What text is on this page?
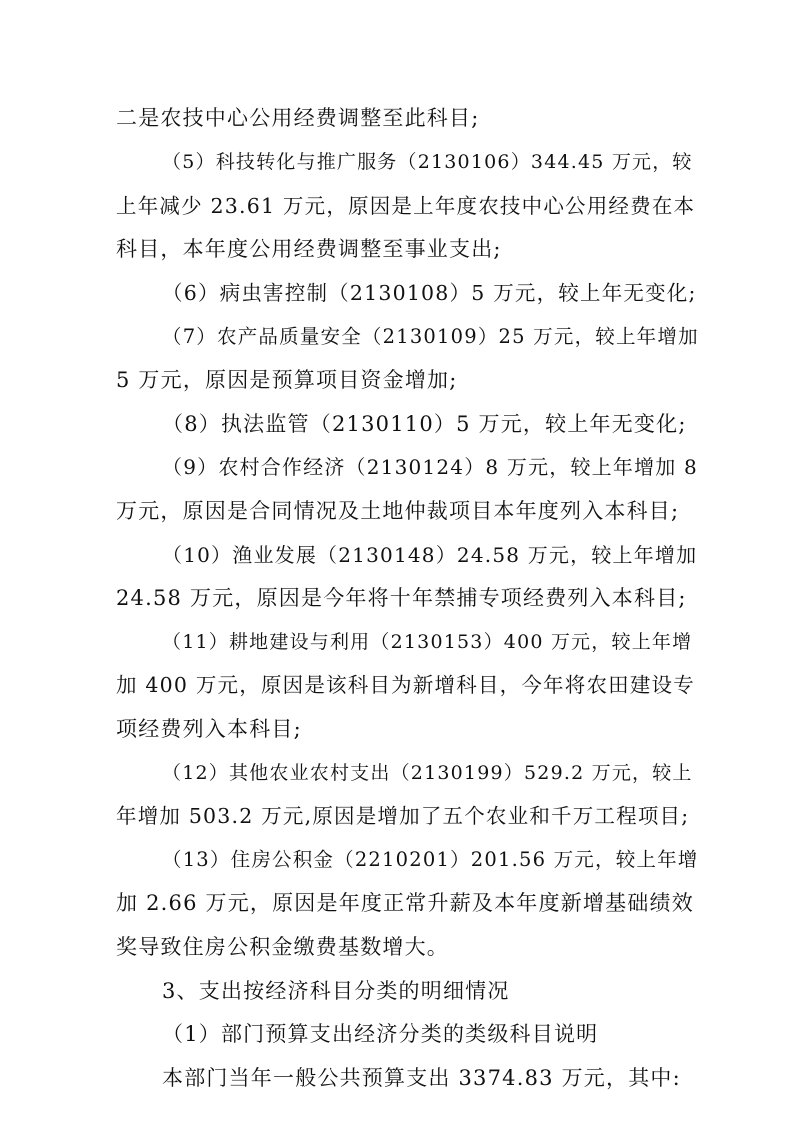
二是农技中心公用经费调整至此科目;

（5）科技转化与推广服务（2130106）344.45 万元，较

上年减少 23.61 万元，原因是上年度农技中心公用经费在本

科目，本年度公用经费调整至事业支出;

（6）病虫害控制（2130108）5 万元，较上年无变化;

（7）农产品质量安全（2130109）25 万元，较上年增加

5 万元，原因是预算项目资金增加;

（8）执法监管（2130110）5 万元，较上年无变化;

（9）农村合作经济（2130124）8 万元，较上年增加 8

万元，原因是合同情况及土地仲裁项目本年度列入本科目;

（10）渔业发展（2130148）24.58 万元，较上年增加

24.58 万元，原因是今年将十年禁捕专项经费列入本科目;

（11）耕地建设与利用（2130153）400 万元，较上年增

加 400 万元，原因是该科目为新增科目，今年将农田建设专

项经费列入本科目;

（12）其他农业农村支出（2130199）529.2 万元，较上

年增加 503.2 万元,原因是增加了五个农业和千万工程项目;

（13）住房公积金（2210201）201.56 万元，较上年增

加 2.66 万元，原因是年度正常升薪及本年度新增基础绩效

奖导致住房公积金缴费基数增大。

3、支出按经济科目分类的明细情况

（1）部门预算支出经济分类的类级科目说明

本部门当年一般公共预算支出 3374.83 万元，其中:
